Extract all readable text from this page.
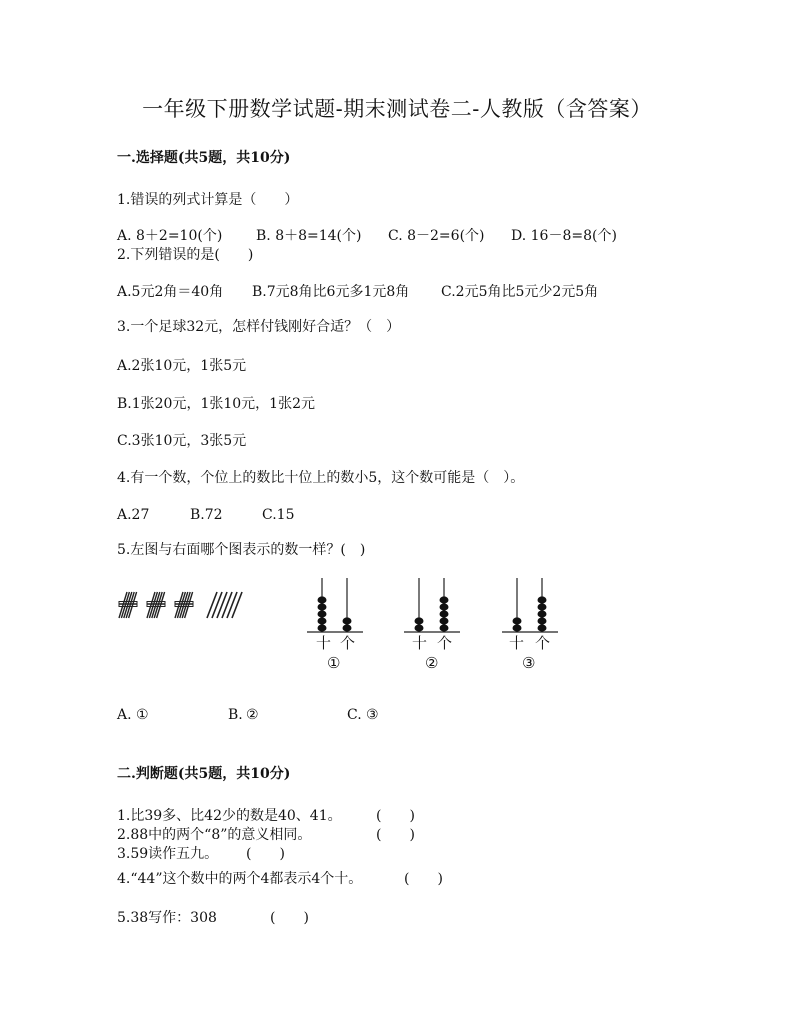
一年级下册数学试题-期末测试卷二-人教版（含答案）
一.选择题(共5题，共10分)
1.错误的列式计算是（　　）
A. 8＋2=10(个) B. 8＋8=14(个) C. 8－2=6(个) D. 16－8=8(个)
2.下列错误的是(　　)
A.5元2角＝40角 B.7元8角比6元多1元8角 C.2元5角比5元少2元5角
3.一个足球32元，怎样付钱刚好合适？（　）
A.2张10元，1张5元
B.1张20元，1张10元，1张2元
C.3张10元，3张5元
4.有一个数，个位上的数比十位上的数小5，这个数可能是（　）。
A.27	B.72	C.15
5.左图与右面哪个图表示的数一样？(　)
十 个
①
十 个
②
十 个
③
A. ①	B. ②	C. ③
二.判断题(共5题，共10分)
1.比39多、比42少的数是40、41。 (　　)
2.88中的两个“8”的意义相同。	(　　)
3.59读作五九。 (　　)
4.“44”这个数中的两个4都表示4个十。	(　　)
5.38写作：308	(　　)
